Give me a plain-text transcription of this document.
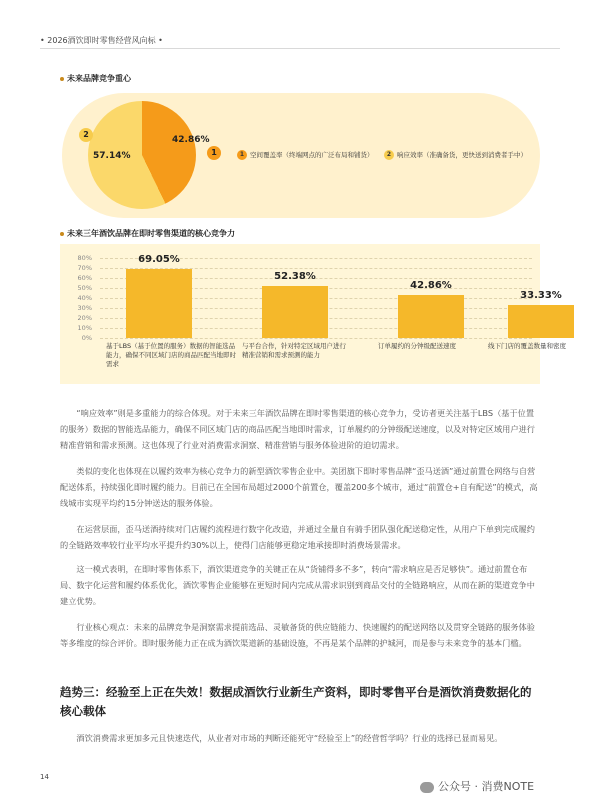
• 2026酒饮即时零售经营风向标 •
未来品牌竞争重心
42.86%
57.14%	1
2
1 空间覆盖率（终端网点的广泛布局和铺货）	2 响应效率（准确备货，更快送到消费者手中）
未来三年酒饮品牌在即时零售渠道的核心竞争力
80%
70%
60%
50%
40%
30%
20%
10%
0%
69.05%
基于LBS（基于位置的服务）数据的智能选品能力，确保不同区域门店的商品匹配当地即时需求
52.38%
与平台合作，针对特定区域用户进行精准营销和需求预测的能力
42.86%
订单履约的分钟级配送速度
33.33%
线下门店的覆盖数量和密度

“响应效率”则是多重能力的综合体现。对于未来三年酒饮品牌在即时零售渠道的核心竞争力，受访者更关注基于LBS（基于位置的服务）数据的智能选品能力，确保不同区域门店的商品匹配当地即时需求，订单履约的分钟级配送速度，以及对特定区域用户进行精准营销和需求预测。这也体现了行业对消费需求洞察、精准营销与服务体验进阶的迫切需求。

类似的变化也体现在以履约效率为核心竞争力的新型酒饮零售企业中。美团旗下即时零售品牌“歪马送酒”通过前置仓网络与自营配送体系，持续强化即时履约能力。目前已在全国布局超过2000个前置仓，覆盖200多个城市，通过“前置仓+自有配送”的模式，高线城市实现平均约15分钟送达的服务体验。

在运营层面，歪马送酒持续对门店履约流程进行数字化改造，并通过全量自有骑手团队强化配送稳定性，从用户下单到完成履约的全链路效率较行业平均水平提升约30%以上，使得门店能够更稳定地承接即时消费场景需求。

这一模式表明，在即时零售体系下，酒饮渠道竞争的关键正在从“货铺得多不多”，转向“需求响应是否足够快”。通过前置仓布局、数字化运营和履约体系优化，酒饮零售企业能够在更短时间内完成从需求识别到商品交付的全链路响应，从而在新的渠道竞争中建立优势。

行业核心观点：未来的品牌竞争是洞察需求提前选品、灵敏备货的供应链能力、快速履约的配送网络以及贯穿全链路的服务体验等多维度的综合评价。即时服务能力正在成为酒饮渠道新的基础设施，不再是某个品牌的护城河，而是参与未来竞争的基本门槛。

趋势三：经验至上正在失效！数据成酒饮行业新生产资料，即时零售平台是酒饮消费数据化的核心载体

酒饮消费需求更加多元且快速迭代，从业者对市场的判断还能死守“经验至上”的经营哲学吗？行业的选择已显而易见。

14
公众号 · 消费NOTE
